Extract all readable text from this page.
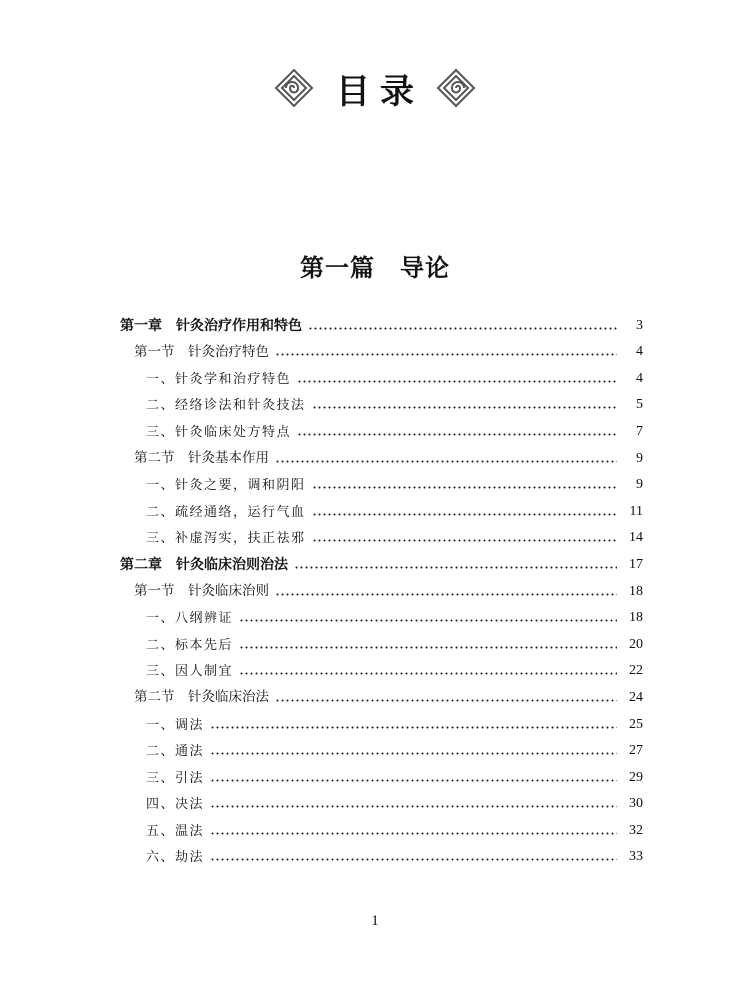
目录
第一篇　导论
第一章　针灸治疗作用和特色	3
第一节　针灸治疗特色	4
一、针灸学和治疗特色	4
二、经络诊法和针灸技法	5
三、针灸临床处方特点	7
第二节　针灸基本作用	9
一、针灸之要，调和阴阳	9
二、疏经通络，运行气血	11
三、补虚泻实，扶正祛邪	14
第二章　针灸临床治则治法	17
第一节　针灸临床治则	18
一、八纲辨证	18
二、标本先后	20
三、因人制宜	22
第二节　针灸临床治法	24
一、调法	25
二、通法	27
三、引法	29
四、决法	30
五、温法	32
六、劫法	33
1
